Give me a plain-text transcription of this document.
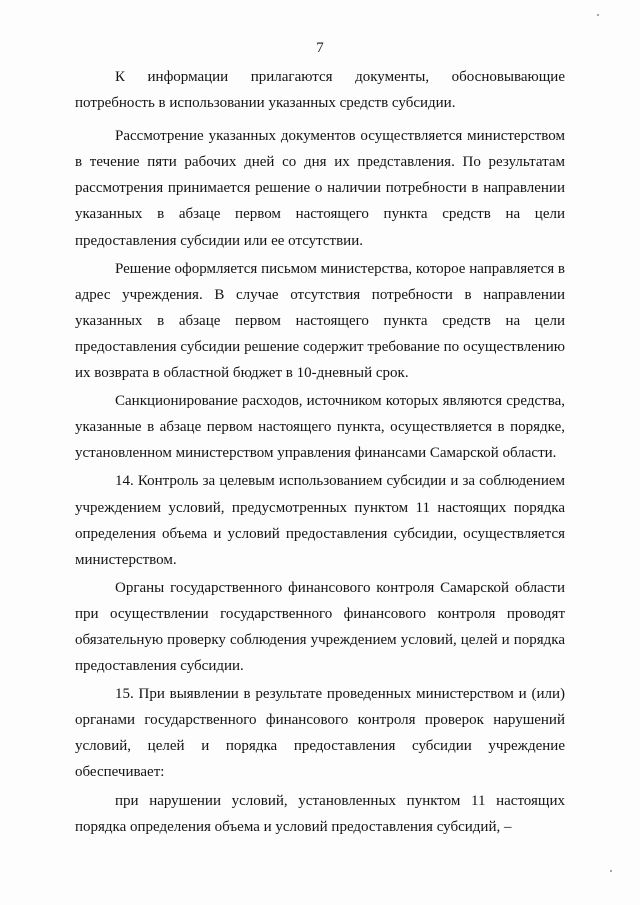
7

К информации прилагаются документы, обосновывающие потребность в использовании указанных средств субсидии.

Рассмотрение указанных документов осуществляется министерством в течение пяти рабочих дней со дня их представления. По результатам рассмотрения принимается решение о наличии потребности в направлении указанных в абзаце первом настоящего пункта средств на цели предоставления субсидии или ее отсутствии.

Решение оформляется письмом министерства, которое направляется в адрес учреждения. В случае отсутствия потребности в направлении указанных в абзаце первом настоящего пункта средств на цели предоставления субсидии решение содержит требование по осуществлению их возврата в областной бюджет в 10-дневный срок.

Санкционирование расходов, источником которых являются средства, указанные в абзаце первом настоящего пункта, осуществляется в порядке, установленном министерством управления финансами Самарской области.

14. Контроль за целевым использованием субсидии и за соблюдением учреждением условий, предусмотренных пунктом 11 настоящих порядка определения объема и условий предоставления субсидии, осуществляется министерством.

Органы государственного финансового контроля Самарской области при осуществлении государственного финансового контроля проводят обязательную проверку соблюдения учреждением условий, целей и порядка предоставления субсидии.

15. При выявлении в результате проведенных министерством и (или) органами государственного финансового контроля проверок нарушений условий, целей и порядка предоставления субсидии учреждение обеспечивает:

при нарушении условий, установленных пунктом 11 настоящих порядка определения объема и условий предоставления субсидий, –
